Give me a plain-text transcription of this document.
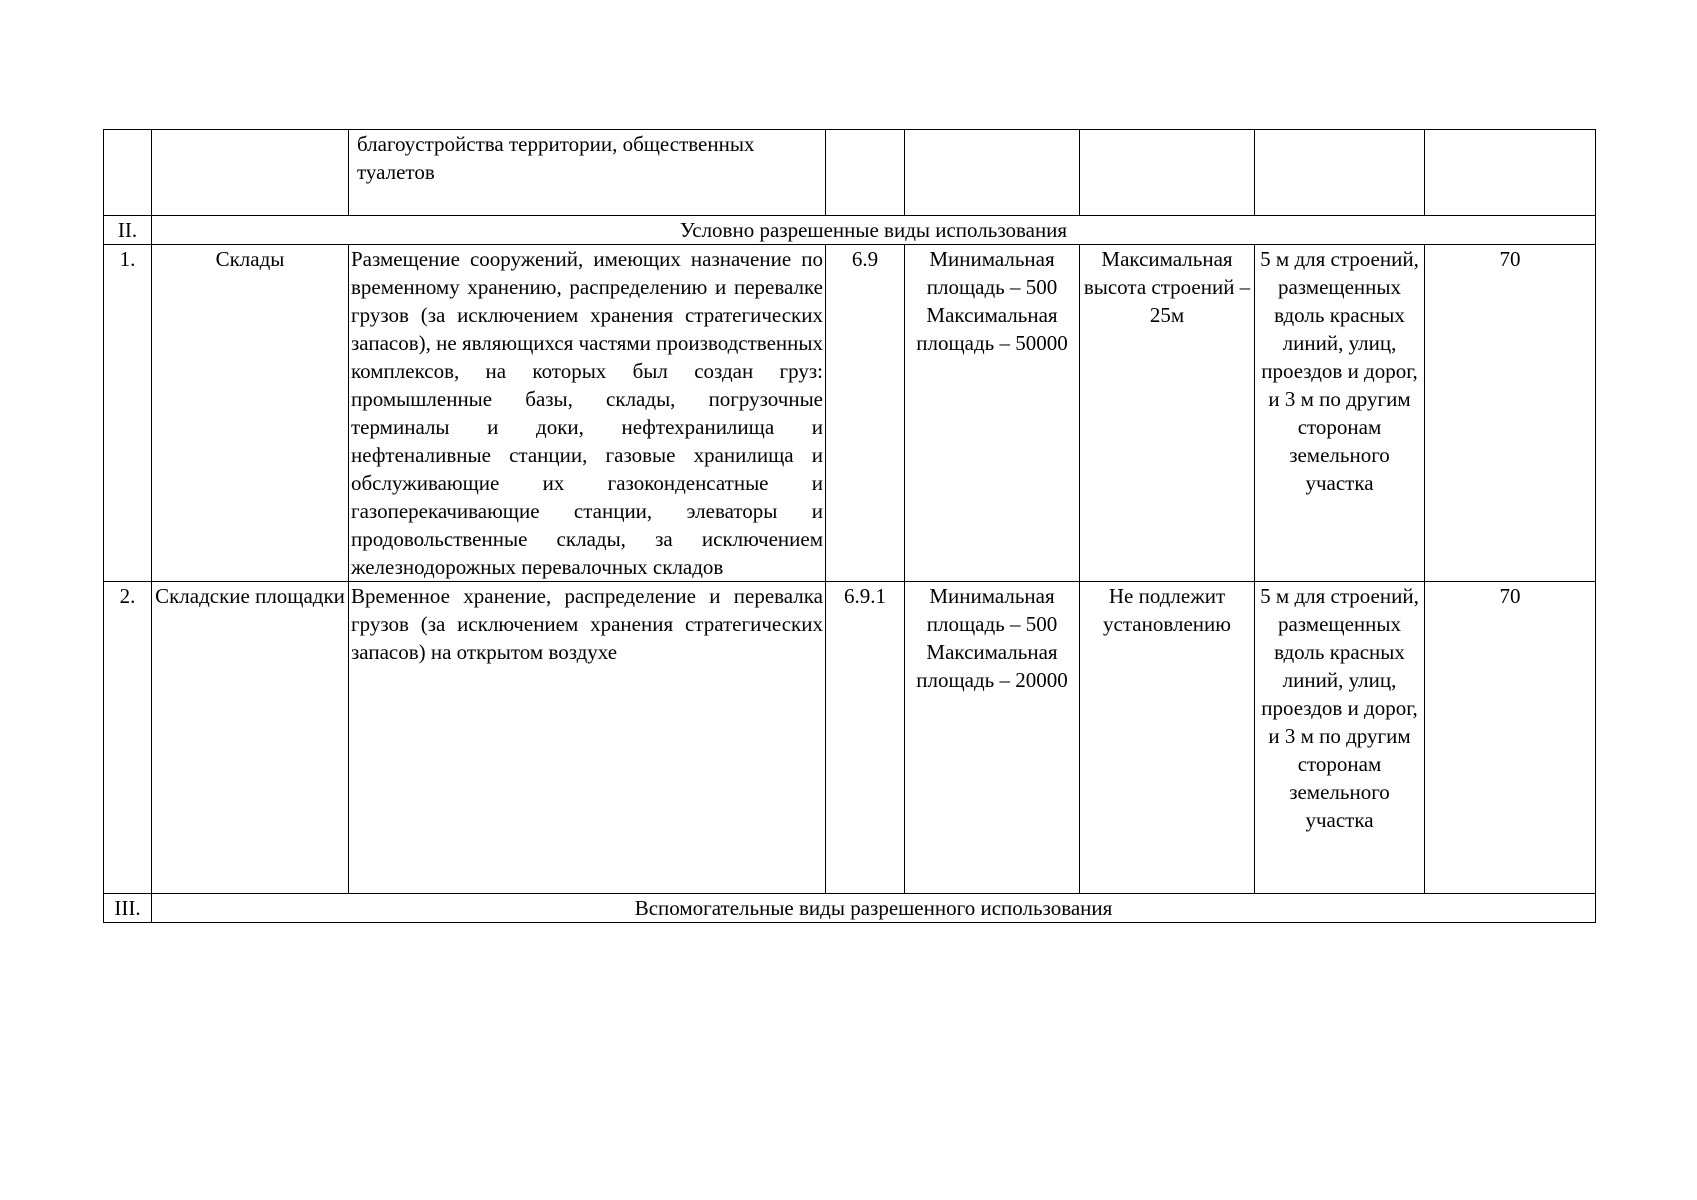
		благоустройства территории, общественных
туалетов					
II.	Условно разрешенные виды использования						
1.	Склады	Размещение сооружений, имеющих назначение по временному хранению, распределению и перевалке грузов (за исключением хранения стратегических запасов), не являющихся частями производственных комплексов, на которых был создан груз: промышленные базы, склады, погрузочные терминалы и доки, нефтехранилища и нефтеналивные станции, газовые хранилища и обслуживающие их газоконденсатные и газоперекачивающие станции, элеваторы и продовольственные склады, за исключением железнодорожных перевалочных складов	6.9	Минимальная площадь – 500 Максимальная площадь – 50000	Максимальная высота строений – 25м	5 м для строений, размещенных вдоль красных линий, улиц, проездов и дорог, и 3 м по другим сторонам земельного участка	70
2.	Складские площадки	Временное хранение, распределение и перевалка грузов (за исключением хранения стратегических запасов) на открытом воздухе	6.9.1	Минимальная площадь – 500 Максимальная площадь – 20000	Не подлежит установлению	5 м для строений, размещенных вдоль красных линий, улиц, проездов и дорог, и 3 м по другим сторонам земельного участка	70
III.	Вспомогательные виды разрешенного использования						
